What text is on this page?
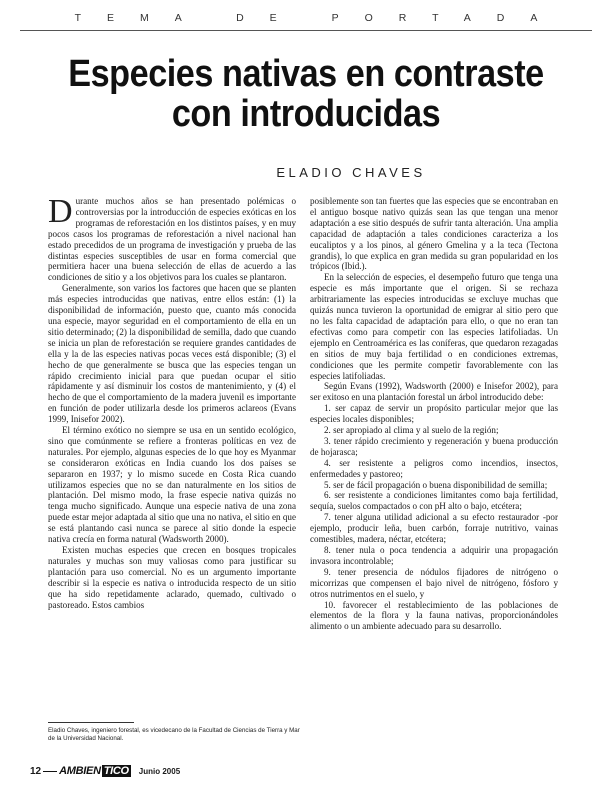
TEMA DE PORTADA
Especies nativas en contraste con introducidas
ELADIO CHAVES

Durante muchos años se han presentado polémicas o controversias por la introducción de especies exóticas en los programas de reforestación en los distintos países, y en muy pocos casos los programas de reforestación a nivel nacional han estado precedidos de un programa de investigación y prueba de las distintas especies susceptibles de usar en forma comercial que permitiera hacer una buena selección de ellas de acuerdo a las condiciones de sitio y a los objetivos para los cuales se plantaron.

Generalmente, son varios los factores que hacen que se planten más especies introducidas que nativas, entre ellos están: (1) la disponibilidad de información, puesto que, cuanto más conocida una especie, mayor seguridad en el comportamiento de ella en un sitio determinado; (2) la disponibilidad de semilla, dado que cuando se inicia un plan de reforestación se requiere grandes cantidades de ella y la de las especies nativas pocas veces está disponible; (3) el hecho de que generalmente se busca que las especies tengan un rápido crecimiento inicial para que puedan ocupar el sitio rápidamente y así disminuir los costos de mantenimiento, y (4) el hecho de que el comportamiento de la madera juvenil es importante en función de poder utilizarla desde los primeros aclareos (Evans 1999, Inisefor 2002).

El término exótico no siempre se usa en un sentido ecológico, sino que comúnmente se refiere a fronteras políticas en vez de naturales. Por ejemplo, algunas especies de lo que hoy es Myanmar se consideraron exóticas en India cuando los dos países se separaron en 1937; y lo mismo sucede en Costa Rica cuando utilizamos especies que no se dan naturalmente en los sitios de plantación. Del mismo modo, la frase especie nativa quizás no tenga mucho significado. Aunque una especie nativa de una zona puede estar mejor adaptada al sitio que una no nativa, el sitio en que se está plantando casi nunca se parece al sitio donde la especie nativa crecía en forma natural (Wadsworth 2000).

Existen muchas especies que crecen en bosques tropicales naturales y muchas son muy valiosas como para justificar su plantación para uso comercial. No es un argumento importante describir si la especie es nativa o introducida respecto de un sitio que ha sido repetidamente aclarado, quemado, cultivado o pastoreado. Estos cambios

posiblemente son tan fuertes que las especies que se encontraban en el antiguo bosque nativo quizás sean las que tengan una menor adaptación a ese sitio después de sufrir tanta alteración. Una amplia capacidad de adaptación a tales condiciones caracteriza a los eucaliptos y a los pinos, al género Gmelina y a la teca (Tectona grandis), lo que explica en gran medida su gran popularidad en los trópicos (Ibid.).

En la selección de especies, el desempeño futuro que tenga una especie es más importante que el origen. Si se rechaza arbitrariamente las especies introducidas se excluye muchas que quizás nunca tuvieron la oportunidad de emigrar al sitio pero que no les falta capacidad de adaptación para ello, o que no eran tan efectivas como para competir con las especies latifoliadas. Un ejemplo en Centroamérica es las coníferas, que quedaron rezagadas en sitios de muy baja fertilidad o en condiciones extremas, condiciones que les permite competir favorablemente con las especies latifoliadas.

Según Evans (1992), Wadsworth (2000) e Inisefor 2002), para ser exitoso en una plantación forestal un árbol introducido debe:

1. ser capaz de servir un propósito particular mejor que las especies locales disponibles;

2. ser apropiado al clima y al suelo de la región;

3. tener rápido crecimiento y regeneración y buena producción de hojarasca;

4. ser resistente a peligros como incendios, insectos, enfermedades y pastoreo;

5. ser de fácil propagación o buena disponibilidad de semilla;

6. ser resistente a condiciones limitantes como baja fertilidad, sequía, suelos compactados o con pH alto o bajo, etcétera;

7. tener alguna utilidad adicional a su efecto restaurador -por ejemplo, producir leña, buen carbón, forraje nutritivo, vainas comestibles, madera, néctar, etcétera;

8. tener nula o poca tendencia a adquirir una propagación invasora incontrolable;

9. tener presencia de nódulos fijadores de nitrógeno o micorrizas que compensen el bajo nivel de nitrógeno, fósforo y otros nutrimentos en el suelo, y

10. favorecer el restablecimiento de las poblaciones de elementos de la flora y la fauna nativas, proporcionándoles alimento o un ambiente adecuado para su desarrollo.

Eladio Chaves, ingeniero forestal, es vicedecano de la Facultad de Ciencias de Tierra y Mar de la Universidad Nacional.
12 AMBIEN TICO Junio 2005
